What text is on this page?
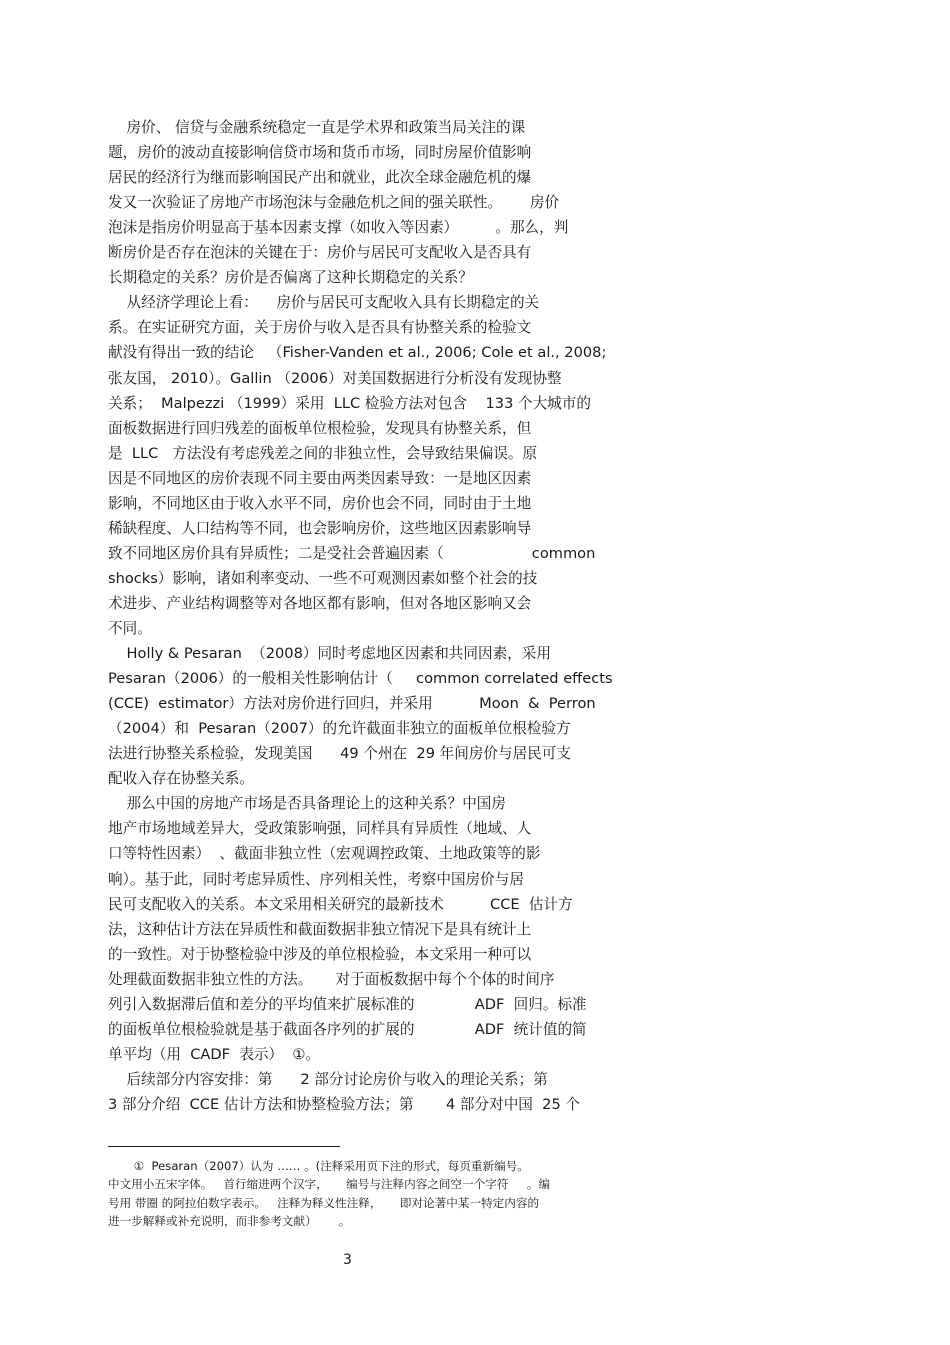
房价、 信贷与金融系统稳定一直是学术界和政策当局关注的课
题，房价的波动直接影响信贷市场和货币市场，同时房屋价值影响
居民的经济行为继而影响国民产出和就业，此次全球金融危机的爆
发又一次验证了房地产市场泡沫与金融危机之间的强关联性。      房价
泡沫是指房价明显高于基本因素支撑（如收入等因素）        。那么，判
断房价是否存在泡沫的关键在于：房价与居民可支配收入是否具有
长期稳定的关系？房价是否偏离了这种长期稳定的关系？
从经济学理论上看：    房价与居民可支配收入具有长期稳定的关
系。在实证研究方面，关于房价与收入是否具有协整关系的检验文
献没有得出一致的结论   （Fisher-Vanden et al., 2006; Cole et al., 2008;
张友国， 2010）。Gallin （2006）对美国数据进行分析没有发现协整
关系；  Malpezzi （1999）采用  LLC 检验方法对包含    133 个大城市的
面板数据进行回归残差的面板单位根检验，发现具有协整关系，但
是  LLC   方法没有考虑残差之间的非独立性，会导致结果偏误。原
因是不同地区的房价表现不同主要由两类因素导致：一是地区因素
影响，不同地区由于收入水平不同，房价也会不同，同时由于土地
稀缺程度、人口结构等不同，也会影响房价，这些地区因素影响导
致不同地区房价具有异质性；二是受社会普遍因素（                   common
shocks）影响，诸如利率变动、一些不可观测因素如整个社会的技
术进步、产业结构调整等对各地区都有影响，但对各地区影响又会
不同。
Holly & Pesaran  （2008）同时考虑地区因素和共同因素，采用
Pesaran（2006）的一般相关性影响估计（     common correlated effects
(CCE)  estimator）方法对房价进行回归，并采用          Moon  &  Perron
（2004）和  Pesaran（2007）的允许截面非独立的面板单位根检验方
法进行协整关系检验，发现美国      49 个州在  29 年间房价与居民可支
配收入存在协整关系。
那么中国的房地产市场是否具备理论上的这种关系？中国房
地产市场地域差异大，受政策影响强，同样具有异质性（地域、人
口等特性因素）  、截面非独立性（宏观调控政策、土地政策等的影
响）。基于此，同时考虑异质性、序列相关性，考察中国房价与居
民可支配收入的关系。本文采用相关研究的最新技术          CCE  估计方
法，这种估计方法在异质性和截面数据非独立情况下是具有统计上
的一致性。对于协整检验中涉及的单位根检验，本文采用一种可以
处理截面数据非独立性的方法。     对于面板数据中每个个体的时间序
列引入数据滞后值和差分的平均值来扩展标准的             ADF  回归。标准
的面板单位根检验就是基于截面各序列的扩展的             ADF  统计值的简
单平均（用  CADF  表示）  ①。
后续部分内容安排：第      2 部分讨论房价与收入的理论关系；第
3 部分介绍  CCE 估计方法和协整检验方法；第       4 部分对中国  25 个
①  Pesaran（2007）认为 …… 。(注释采用页下注的形式，每页重新编号。
中文用小五宋字体。   首行缩进两个汉字，     编号与注释内容之间空一个字符     。编
号用 带圈 的阿拉伯数字表示。   注释为释义性注释，     即对论著中某一特定内容的
进一步解释或补充说明，而非参考文献）      。
3
